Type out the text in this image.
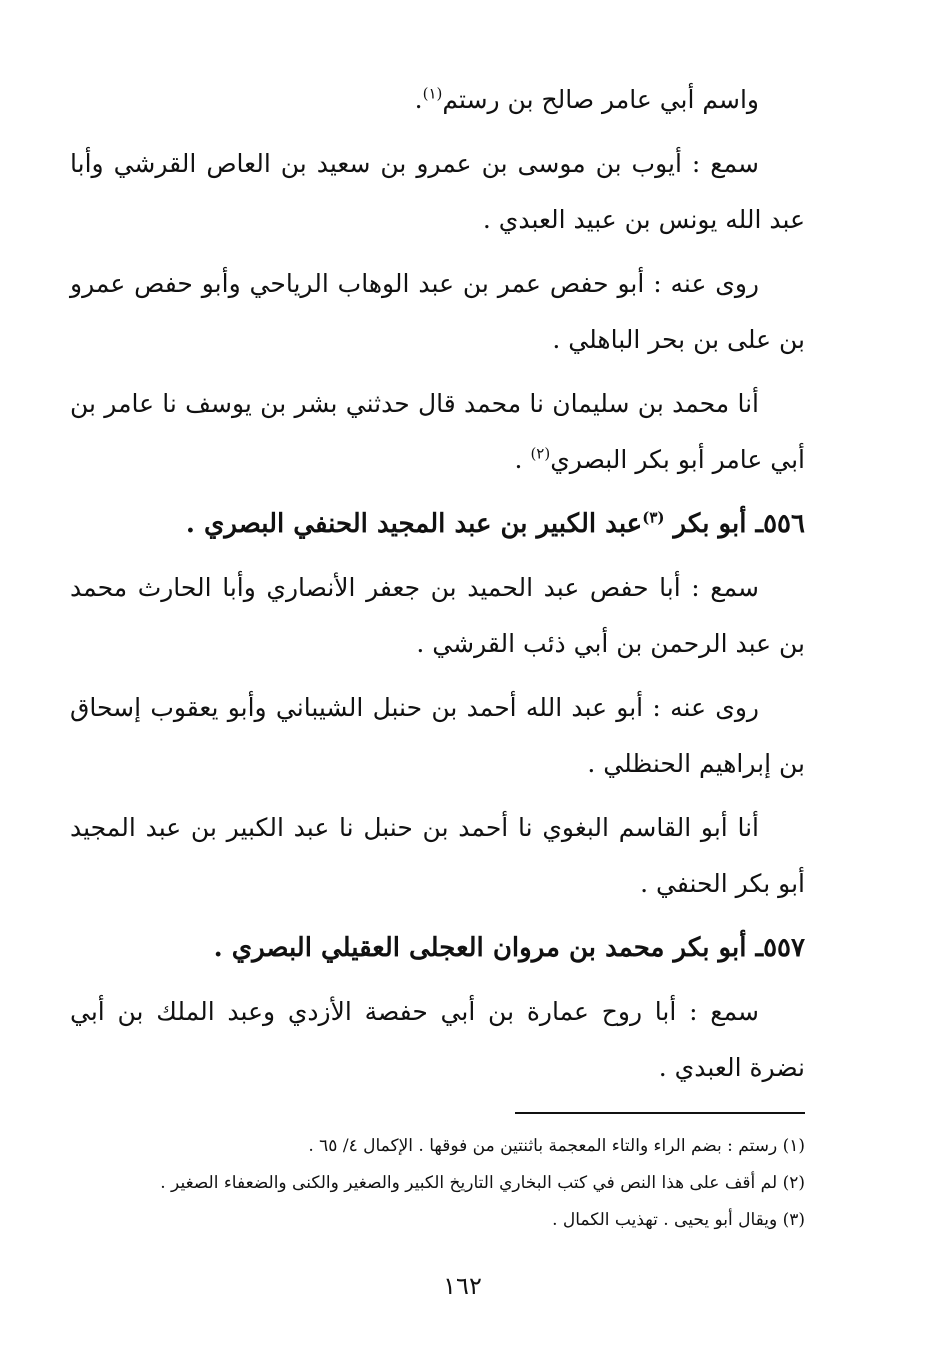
واسم أبي عامر صالح بن رستم$^{(١)}$.

سمع : أيوب بن موسى بن عمرو بن سعيد بن العاص القرشي وأبا عبد الله يونس بن عبيد العبدي .

روى عنه : أبو حفص عمر بن عبد الوهاب الرياحي وأبو حفص عمرو بن على بن بحر الباهلي .

أنا محمد بن سليمان نا محمد قال حدثني بشر بن يوسف نا عامر بن أبي عامر أبو بكر البصري$^{(٢)}$ .

٥٥٦ـ أبو بكر $^{(٣)}$عبد الكبير بن عبد المجيد الحنفي البصري .

سمع : أبا حفص عبد الحميد بن جعفر الأنصاري وأبا الحارث محمد بن عبد الرحمن بن أبي ذئب القرشي .

روى عنه : أبو عبد الله أحمد بن حنبل الشيباني وأبو يعقوب إسحاق بن إبراهيم الحنظلي .

أنا أبو القاسم البغوي نا أحمد بن حنبل نا عبد الكبير بن عبد المجيد أبو بكر الحنفي .

٥٥٧ـ أبو بكر محمد بن مروان العجلى العقيلي البصري .

سمع : أبا روح عمارة بن أبي حفصة الأزدي وعبد الملك بن أبي نضرة العبدي .

(١) رستم : بضم الراء والتاء المعجمة باثنتين من فوقها . الإكمال ٤/ ٦٥ .

(٢) لم أقف على هذا النص في كتب البخاري التاريخ الكبير والصغير والكنى والضعفاء الصغير .

(٣) ويقال أبو يحيى . تهذيب الكمال .

١٦٢
